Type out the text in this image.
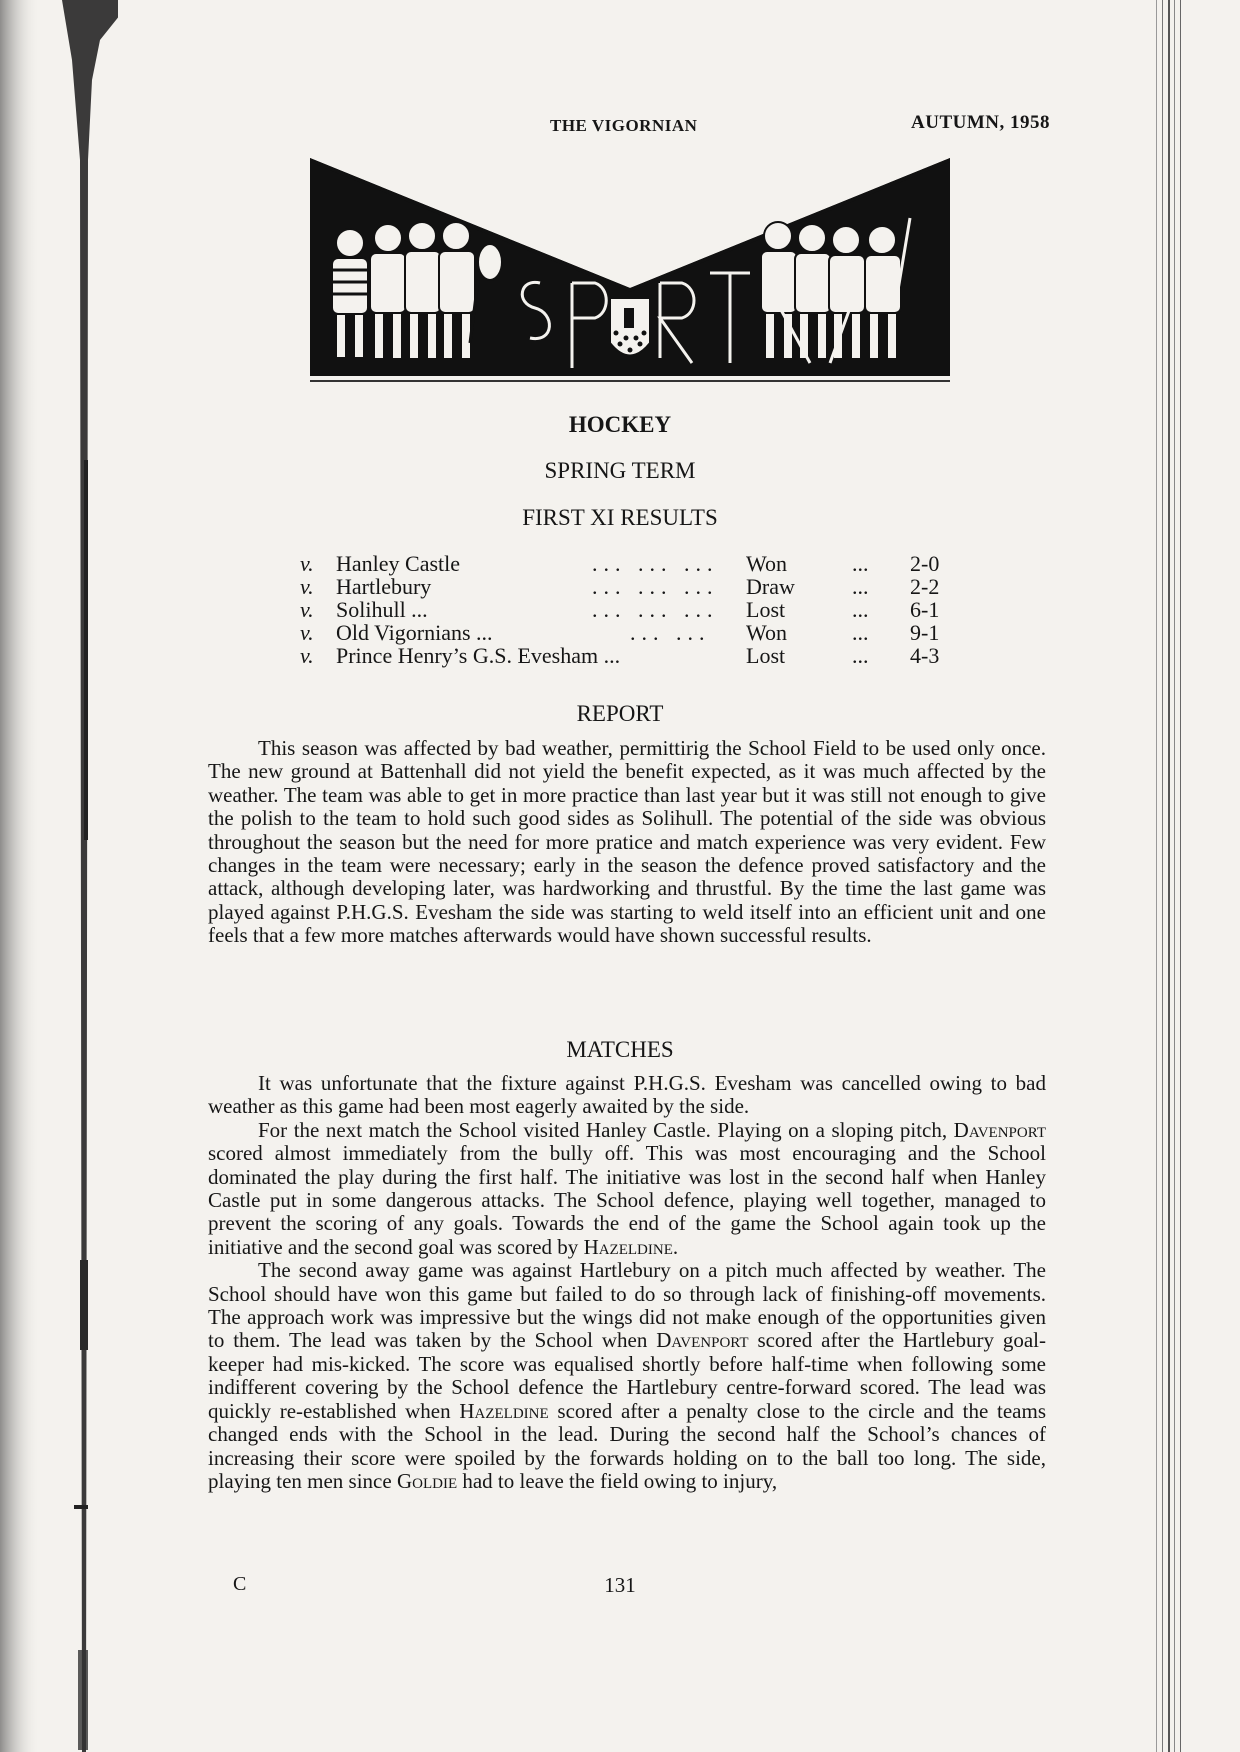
THE VIGORNIAN	AUTUMN, 1958
HOCKEY
SPRING TERM
FIRST XI RESULTS
v. Hanley Castle	... ... ... Won	... 2-0
v. Hartlebury	... ... ... Draw	... 2-2
v. Solihull ...	... ... ... Lost	... 6-1
v. Old Vigornians ...	... ... Won	... 9-1
v. Prince Henry’s G.S. Evesham ...	Lost	... 4-3
REPORT

This season was affected by bad weather, permittirig the School Field to be used only once. The new ground at Battenhall did not yield the benefit expected, as it was much affected by the weather. The team was able to get in more practice than last year but it was still not enough to give the polish to the team to hold such good sides as Solihull. The potential of the side was obvious throughout the season but the need for more pratice and match experience was very evident. Few changes in the team were necessary; early in the season the defence proved satisfactory and the attack, although developing later, was hardworking and thrustful. By the time the last game was played against P.H.G.S. Evesham the side was starting to weld itself into an efficient unit and one feels that a few more matches afterwards would have shown successful results.

MATCHES

It was unfortunate that the fixture against P.H.G.S. Evesham was cancelled owing to bad weather as this game had been most eagerly awaited by the side.

For the next match the School visited Hanley Castle. Playing on a sloping pitch, Davenport scored almost immediately from the bully off. This was most encouraging and the School dominated the play during the first half. The initiative was lost in the second half when Hanley Castle put in some dangerous attacks. The School defence, playing well together, managed to prevent the scoring of any goals. Towards the end of the game the School again took up the initiative and the second goal was scored by Hazeldine.

The second away game was against Hartlebury on a pitch much affected by weather. The School should have won this game but failed to do so through lack of finishing-off movements. The approach work was impressive but the wings did not make enough of the opportunities given to them. The lead was taken by the School when Davenport scored after the Hartlebury goal-keeper had mis-kicked. The score was equalised shortly before half-time when following some indifferent covering by the School defence the Hartlebury centre-forward scored. The lead was quickly re-established when Hazeldine scored after a penalty close to the circle and the teams changed ends with the School in the lead. During the second half the School’s chances of increasing their score were spoiled by the forwards holding on to the ball too long. The side, playing ten men since Goldie had to leave the field owing to injury,

C	131
